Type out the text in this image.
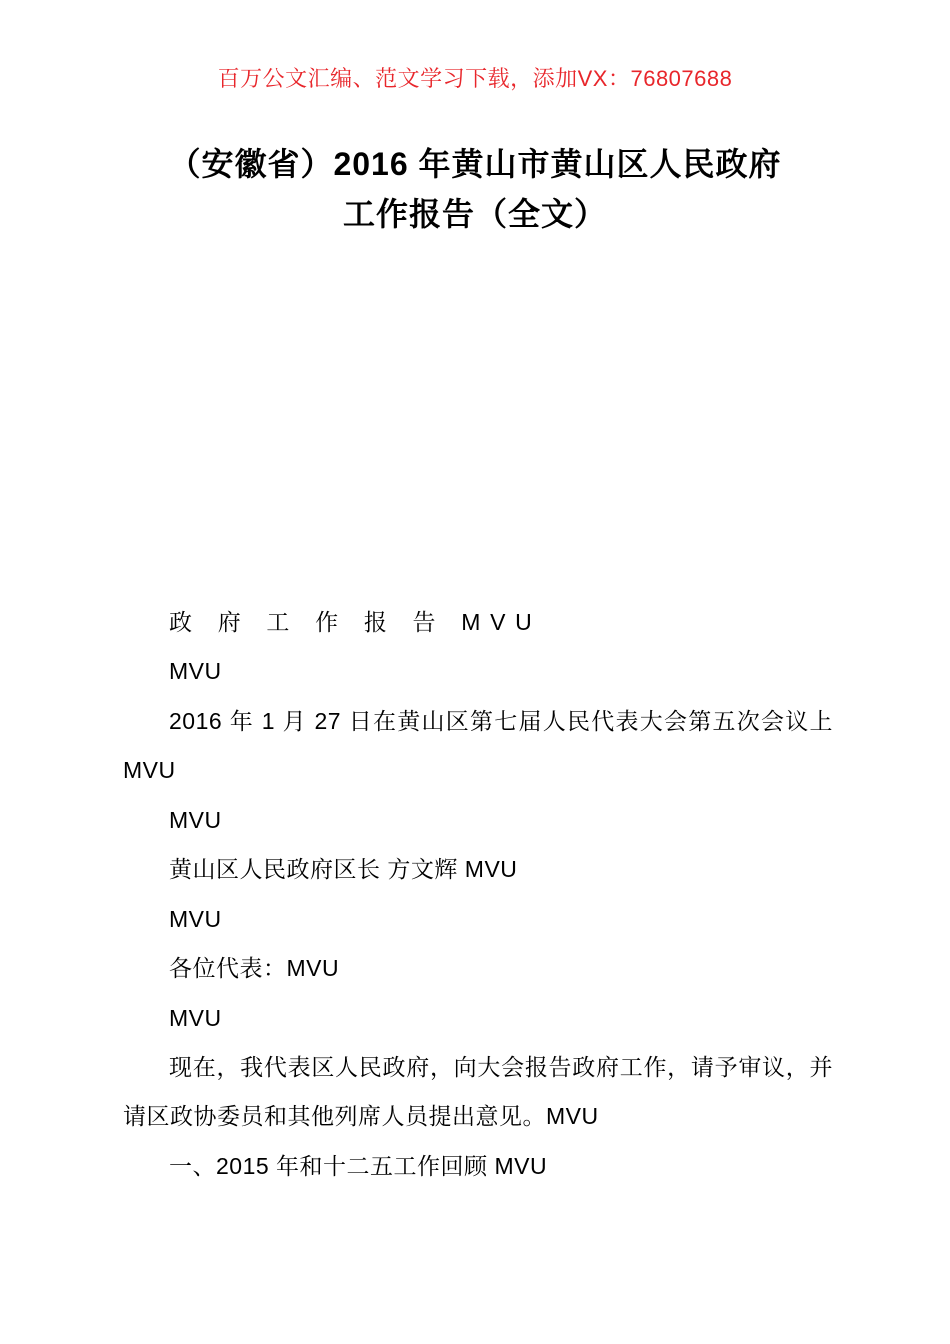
百万公文汇编、范文学习下载，添加VX：76807688
（安徽省）2016 年黄山市黄山区人民政府
工作报告（全文）

政 府 工 作 报 告 MVU

MVU

2016 年 1 月 27 日在黄山区第七届人民代表大会第五次会议上 MVU

MVU

黄山区人民政府区长 方文辉 MVU

MVU

各位代表：MVU

MVU

现在，我代表区人民政府，向大会报告政府工作，请予审议，并请区政协委员和其他列席人员提出意见。MVU

一、2015 年和十二五工作回顾 MVU
